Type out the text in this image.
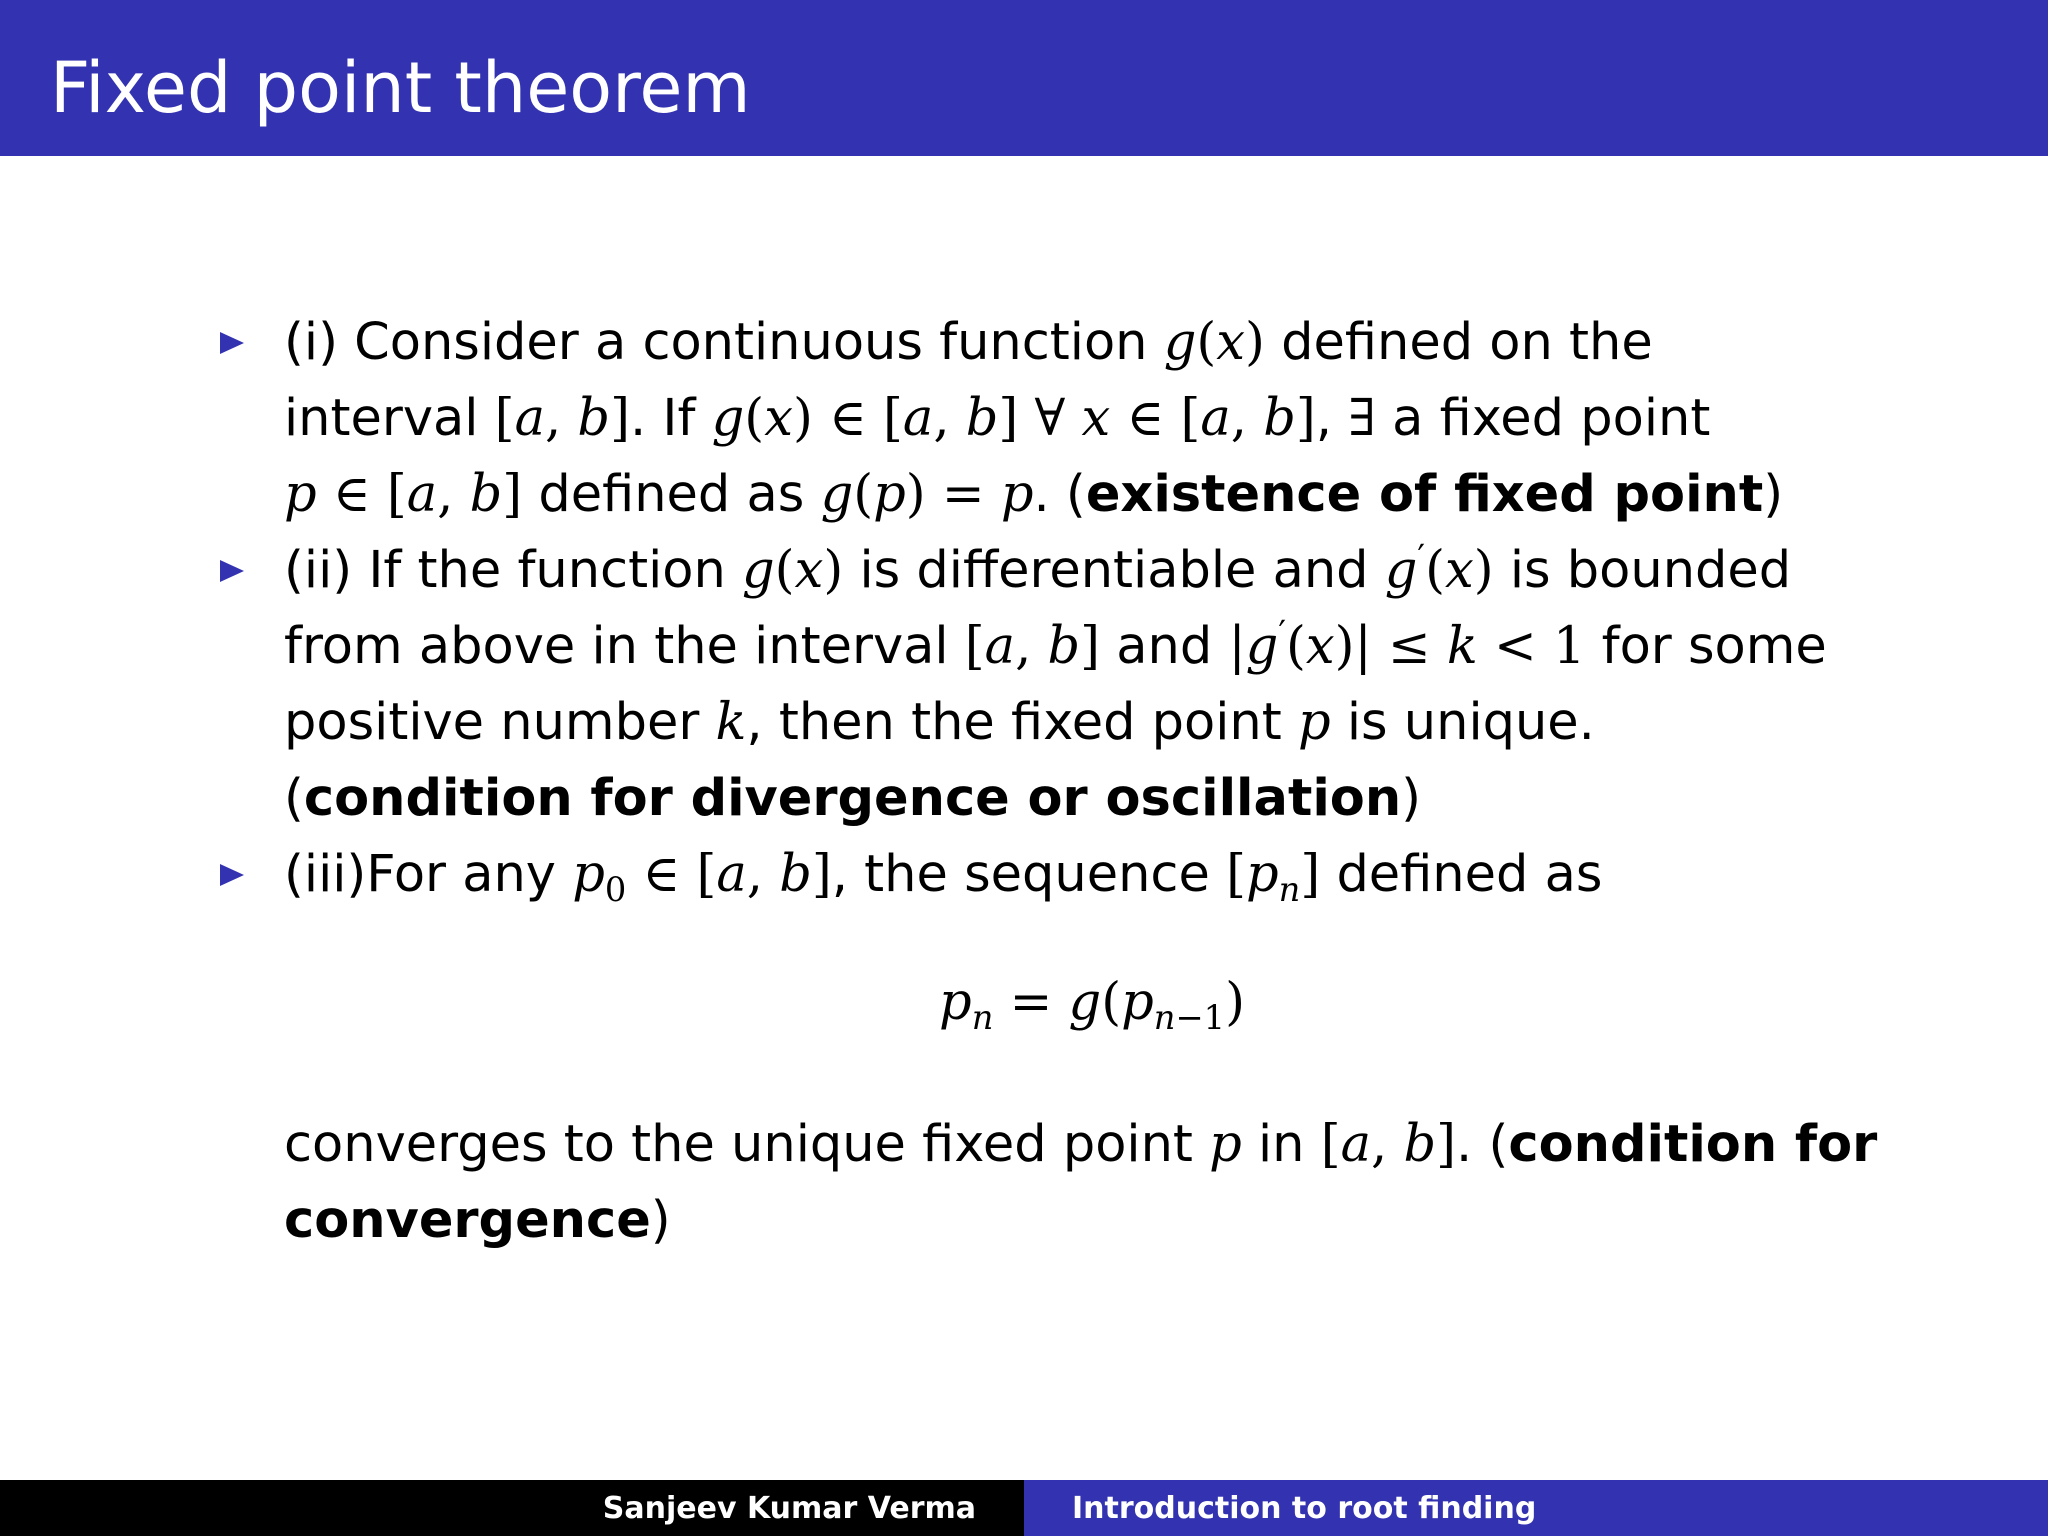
Fixed point theorem
(i) Consider a continuous function g(x) defined on the
interval [a, b]. If g(x) ∈ [a, b] ∀ x ∈ [a, b], ∃ a fixed point
p ∈ [a, b] defined as g(p) = p. (existence of fixed point)
(ii) If the function g(x) is differentiable and g′(x) is bounded
from above in the interval [a, b] and |g′(x)| ≤ k < 1 for some
positive number k, then the fixed point p is unique.
(condition for divergence or oscillation)
(iii)For any $p_0$ ∈ [a, b], the sequence $[p_n]$ defined as
$p_n = g(p_{n-1})$
converges to the unique fixed point p in [a, b]. (condition for
convergence)
Sanjeev Kumar Verma	Introduction to root finding
